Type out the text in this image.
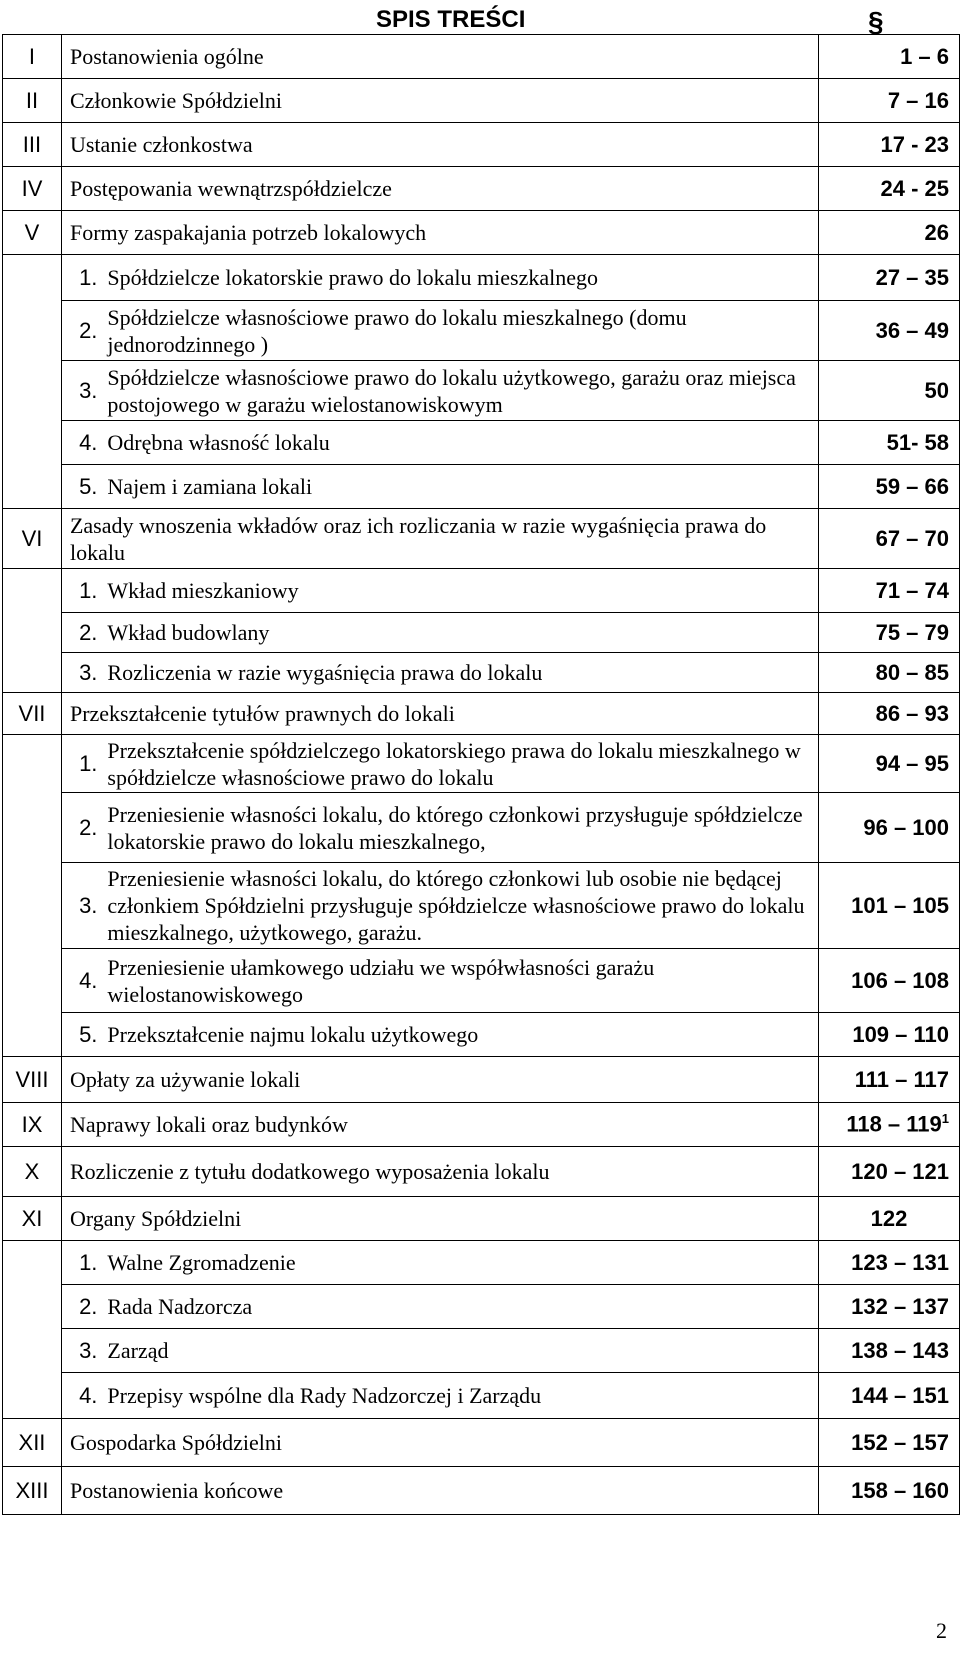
SPIS TREŚCI	§
I	Postanowienia ogólne		1 – 6
II	Członkowie Spółdzielni		7 – 16
III	Ustanie członkostwa		17 - 23
IV	Postępowania wewnątrzspółdzielcze		24 - 25
V	Formy zaspakajania potrzeb lokalowych		26
	1.	Spółdzielcze lokatorskie prawo do lokalu mieszkalnego	27 – 35
	2.	Spółdzielcze własnościowe prawo do lokalu mieszkalnego (domu jednorodzinnego )	36 – 49
	3.	Spółdzielcze własnościowe prawo do lokalu użytkowego, garażu oraz miejsca postojowego w garażu wielostanowiskowym	50
	4.	Odrębna własność lokalu	51- 58
	5.	Najem i zamiana lokali	59 – 66
VI	Zasady wnoszenia wkładów oraz ich rozliczania w razie wygaśnięcia prawa do lokalu		67 – 70
	1.	Wkład mieszkaniowy	71 – 74
	2.	Wkład budowlany	75 – 79
	3.	Rozliczenia w razie wygaśnięcia prawa do lokalu	80 – 85
VII	Przekształcenie tytułów prawnych do lokali		86 – 93
	1.	Przekształcenie spółdzielczego lokatorskiego prawa do lokalu mieszkalnego w spółdzielcze własnościowe prawo do lokalu	94 – 95
	2.	Przeniesienie własności lokalu, do którego członkowi przysługuje spółdzielcze lokatorskie prawo do lokalu mieszkalnego,	96 – 100
	3.	Przeniesienie własności lokalu, do którego członkowi lub osobie nie będącej członkiem Spółdzielni przysługuje spółdzielcze własnościowe prawo do lokalu mieszkalnego, użytkowego, garażu.	101 – 105
	4.	Przeniesienie ułamkowego udziału we współwłasności garażu wielostanowiskowego	106 – 108
	5.	Przekształcenie najmu lokalu użytkowego	109 – 110
VIII	Opłaty za używanie lokali		111 – 117
IX	Naprawy lokali oraz budynków		$118 - 119^1$
X	Rozliczenie z tytułu dodatkowego wyposażenia lokalu		120 – 121
XI	Organy Spółdzielni		122
	1.	Walne Zgromadzenie	123 – 131
	2.	Rada Nadzorcza	132 – 137
	3.	Zarząd	138 – 143
	4.	Przepisy wspólne dla Rady Nadzorczej i Zarządu	144 – 151
XII	Gospodarka Spółdzielni		152 – 157
XIII	Postanowienia końcowe		158 – 160
2
